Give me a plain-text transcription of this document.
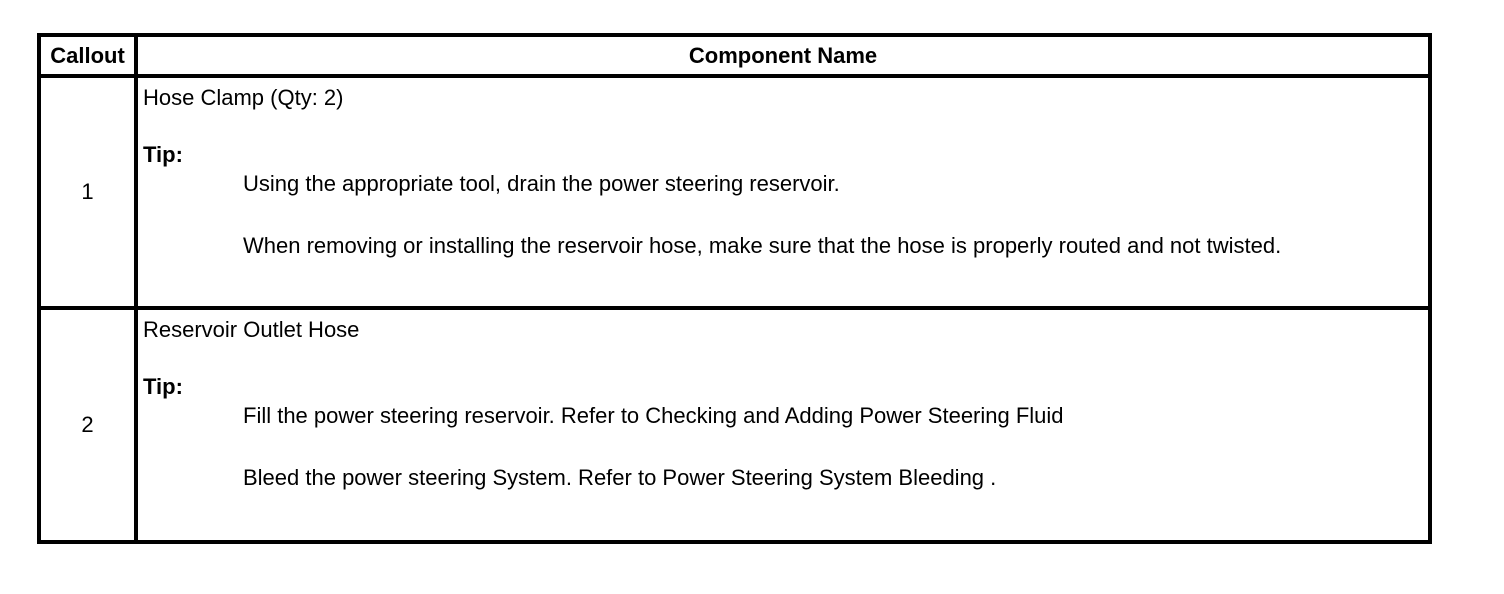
Callout	Component Name
1	Hose Clamp (Qty: 2)
Tip:
Using the appropriate tool, drain the power steering reservoir.
When removing or installing the reservoir hose, make sure that the hose is properly routed and not twisted.

2	Reservoir Outlet Hose
Tip:
Fill the power steering reservoir. Refer to Checking and Adding Power Steering Fluid
Bleed the power steering System. Refer to Power Steering System Bleeding .
